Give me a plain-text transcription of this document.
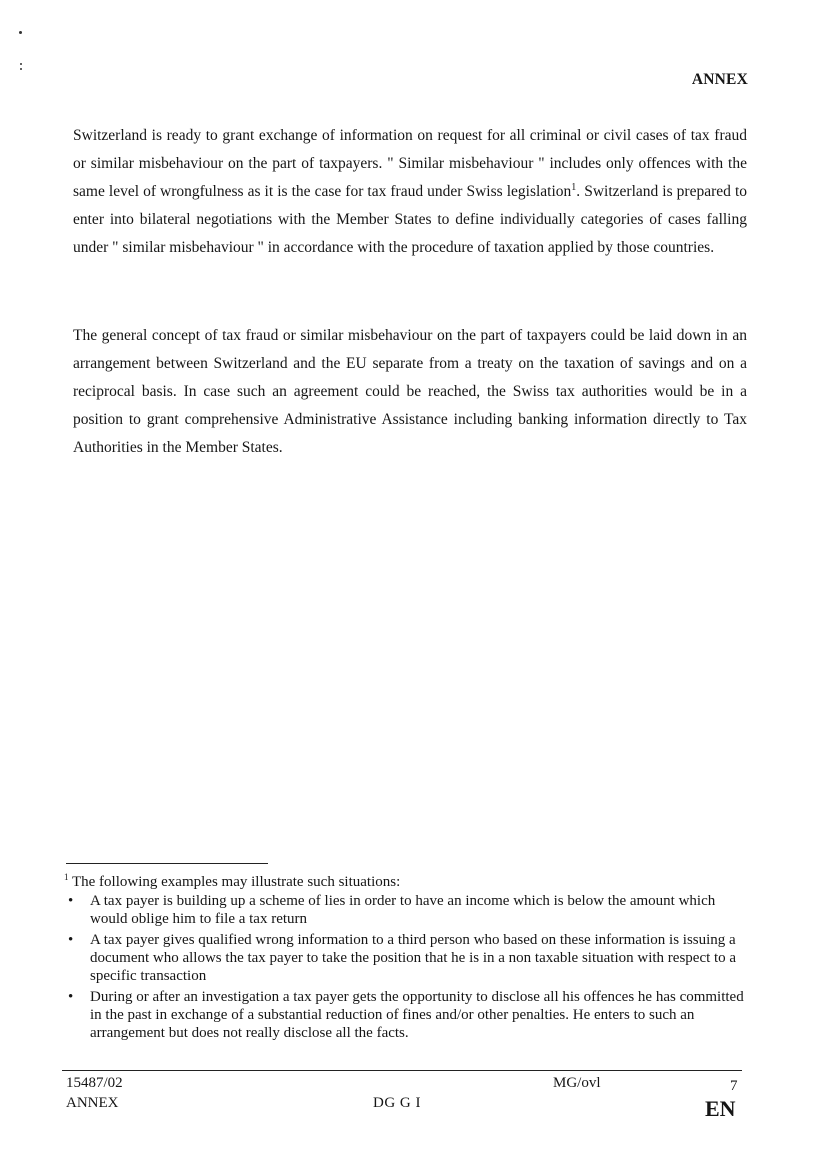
ANNEX

Switzerland is ready to grant exchange of information on request for all criminal or civil cases of tax fraud or similar misbehaviour on the part of taxpayers. " Similar misbehaviour " includes only offences with the same level of wrongfulness as it is the case for tax fraud under Swiss legislation$^1$. Switzerland is prepared to enter into bilateral negotiations with the Member States to define individually categories of cases falling under " similar misbehaviour " in accordance with the procedure of taxation applied by those countries.

The general concept of tax fraud or similar misbehaviour on the part of taxpayers could be laid down in an arrangement between Switzerland and the EU separate from a treaty on the taxation of savings and on a reciprocal basis. In case such an agreement could be reached, the Swiss tax authorities would be in a position to grant comprehensive Administrative Assistance including banking information directly to Tax Authorities in the Member States.

$^1$ The following examples may illustrate such situations:
• A tax payer is building up a scheme of lies in order to have an income which is below the amount which would oblige him to file a tax return
• A tax payer gives qualified wrong information to a third person who based on these information is issuing a document who allows the tax payer to take the position that he is in a non taxable situation with respect to a specific transaction
• During or after an investigation a tax payer gets the opportunity to disclose all his offences he has committed in the past in exchange of a substantial reduction of fines and/or other penalties. He enters to such an arrangement but does not really disclose all the facts.
15487/02
ANNEX	DG G I
MG/ovl	7
EN
